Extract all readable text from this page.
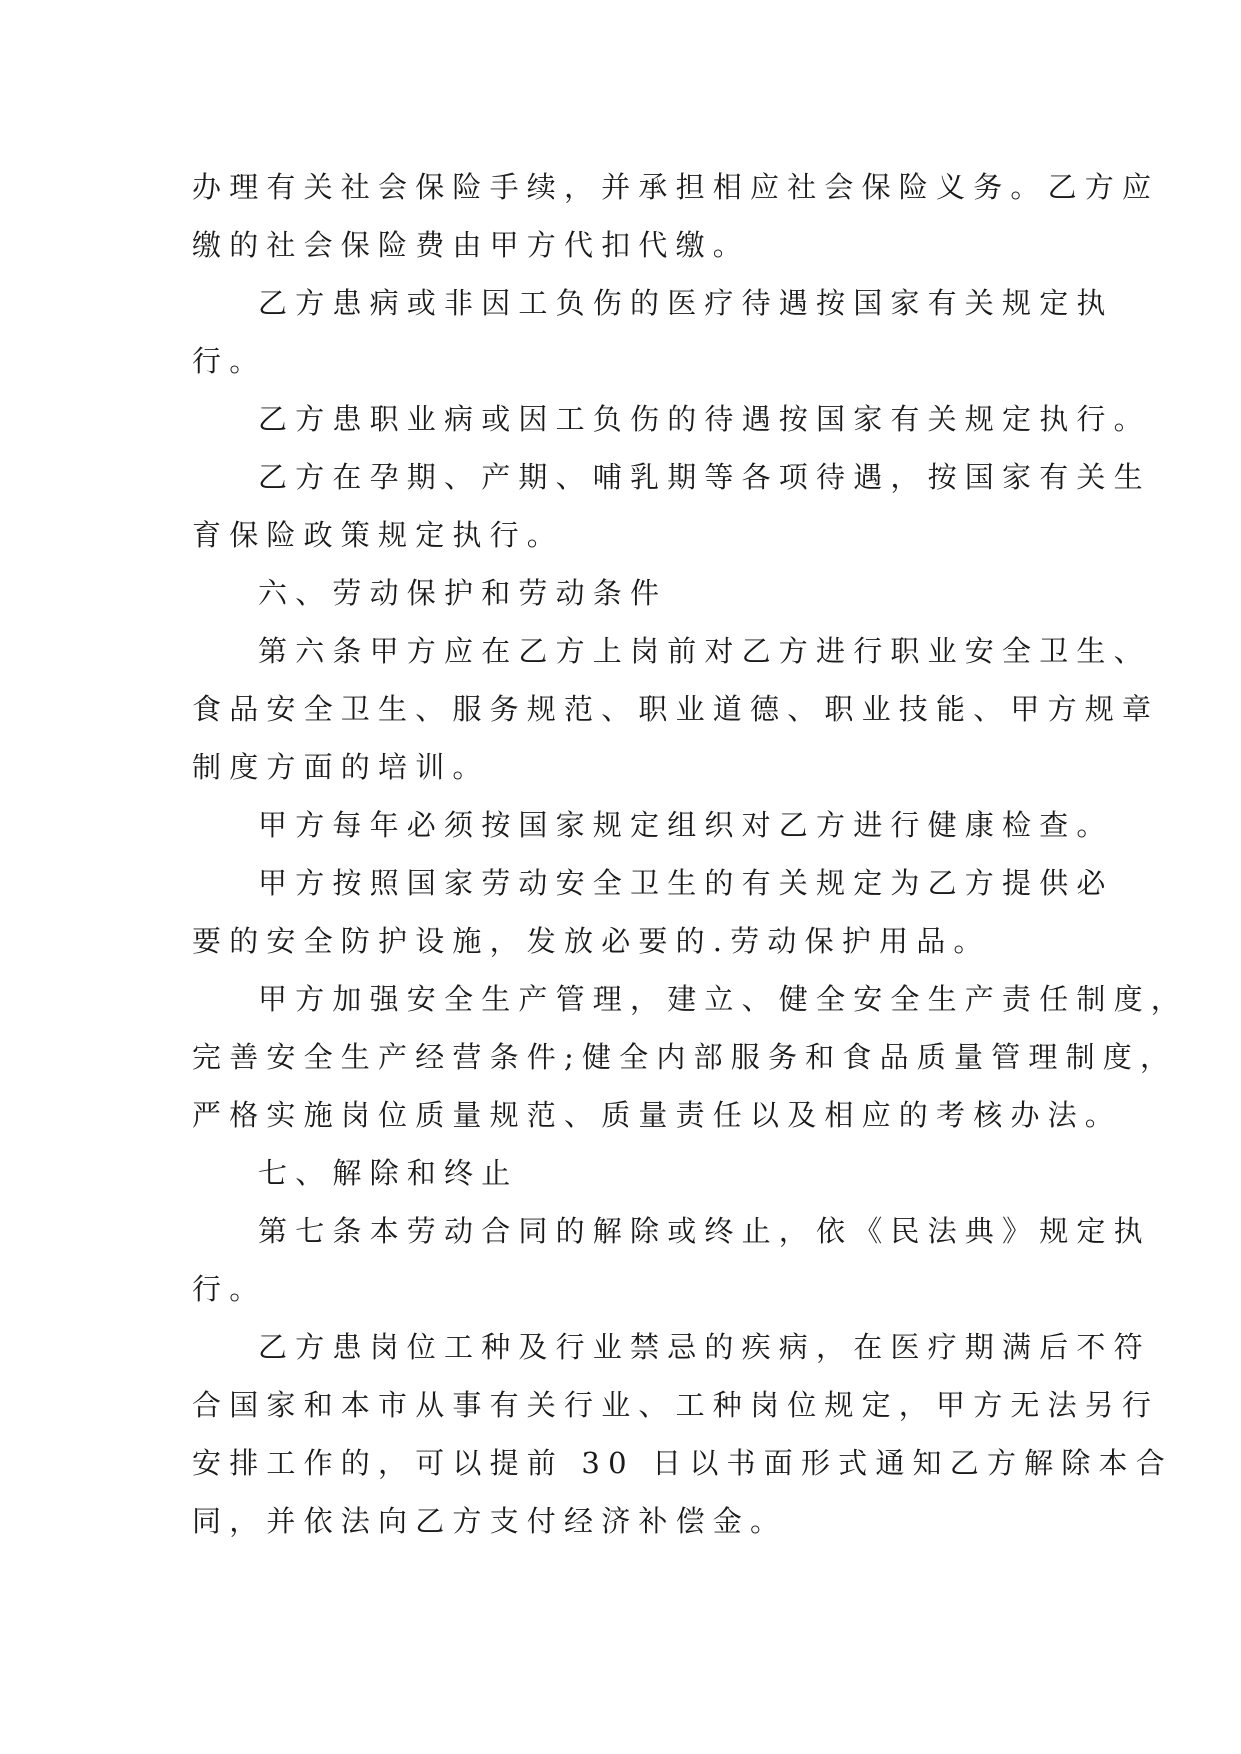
办理有关社会保险手续，并承担相应社会保险义务。乙方应
缴的社会保险费由甲方代扣代缴。
乙方患病或非因工负伤的医疗待遇按国家有关规定执
行。
乙方患职业病或因工负伤的待遇按国家有关规定执行。
乙方在孕期、产期、哺乳期等各项待遇，按国家有关生
育保险政策规定执行。
六、劳动保护和劳动条件
第六条甲方应在乙方上岗前对乙方进行职业安全卫生、
食品安全卫生、服务规范、职业道德、职业技能、甲方规章
制度方面的培训。
甲方每年必须按国家规定组织对乙方进行健康检查。
甲方按照国家劳动安全卫生的有关规定为乙方提供必
要的安全防护设施，发放必要的.劳动保护用品。
甲方加强安全生产管理，建立、健全安全生产责任制度，
完善安全生产经营条件;健全内部服务和食品质量管理制度，
严格实施岗位质量规范、质量责任以及相应的考核办法。
七、解除和终止
第七条本劳动合同的解除或终止，依《民法典》规定执
行。
乙方患岗位工种及行业禁忌的疾病，在医疗期满后不符
合国家和本市从事有关行业、工种岗位规定，甲方无法另行
安排工作的，可以提前 30 日以书面形式通知乙方解除本合
同，并依法向乙方支付经济补偿金。
